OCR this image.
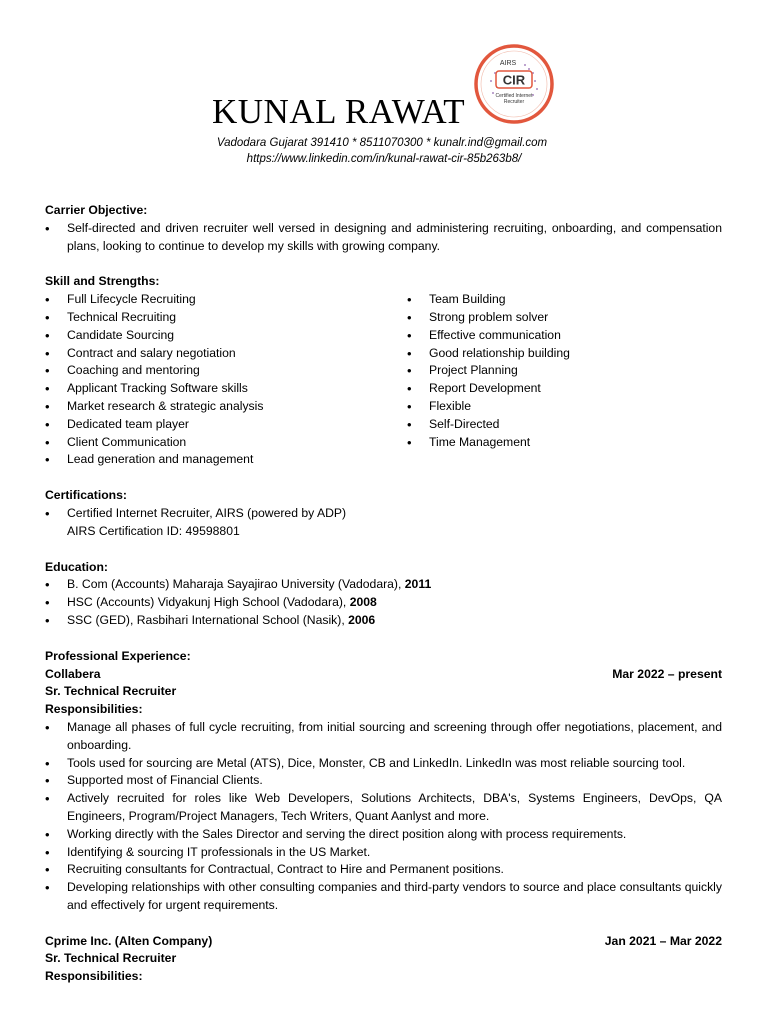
KUNAL RAWAT
Vadodara Gujarat 391410 * 8511070300 * kunalr.ind@gmail.com
https://www.linkedin.com/in/kunal-rawat-cir-85b263b8/
AIRS
CIR
Certified Internet
Recruiter
Carrier Objective:
• Self-directed and driven recruiter well versed in designing and administering recruiting, onboarding, and compensation plans, looking to continue to develop my skills with growing company.
Skill and Strengths:
• Full Lifecycle Recruiting
• Technical Recruiting
• Candidate Sourcing
• Contract and salary negotiation
• Coaching and mentoring
• Applicant Tracking Software skills
• Market research & strategic analysis
• Dedicated team player
• Client Communication
• Lead generation and management
• Team Building
• Strong problem solver
• Effective communication
• Good relationship building
• Project Planning
• Report Development
• Flexible
• Self-Directed
• Time Management
Certifications:
• Certified Internet Recruiter, AIRS (powered by ADP)
AIRS Certification ID: 49598801
Education:
• B. Com (Accounts) Maharaja Sayajirao University (Vadodara), 2011
• HSC (Accounts) Vidyakunj High School (Vadodara), 2008
• SSC (GED), Rasbihari International School (Nasik), 2006
Professional Experience:
Collabera	Mar 2022 – present
Sr. Technical Recruiter
Responsibilities:
• Manage all phases of full cycle recruiting, from initial sourcing and screening through offer negotiations, placement, and onboarding.
• Tools used for sourcing are Metal (ATS), Dice, Monster, CB and LinkedIn. LinkedIn was most reliable sourcing tool.
• Supported most of Financial Clients.
• Actively recruited for roles like Web Developers, Solutions Architects, DBA's, Systems Engineers, DevOps, QA Engineers, Program/Project Managers, Tech Writers, Quant Aanlyst and more.
• Working directly with the Sales Director and serving the direct position along with process requirements.
• Identifying & sourcing IT professionals in the US Market.
• Recruiting consultants for Contractual, Contract to Hire and Permanent positions.
• Developing relationships with other consulting companies and third-party vendors to source and place consultants quickly and effectively for urgent requirements.
Cprime Inc. (Alten Company)	Jan 2021 – Mar 2022
Sr. Technical Recruiter
Responsibilities:
